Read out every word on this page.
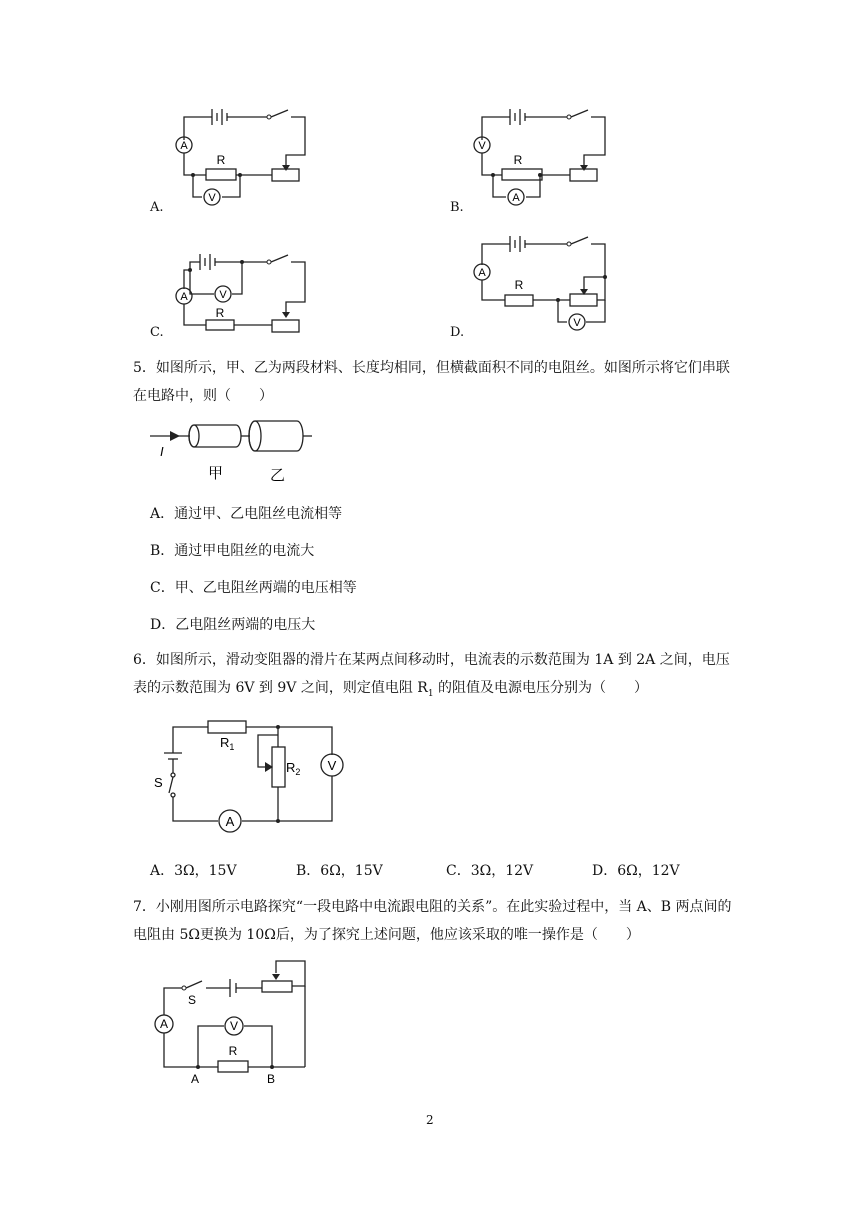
A
V
R
A.
V
A
R
B.
A	V
R
C.
A
V
R
D.
5．如图所示，甲、乙为两段材料、长度均相同，但横截面积不同的电阻丝。如图所示将它们串联在电路中，则（　　）
I
甲	乙
A．通过甲、乙电阻丝电流相等
B．通过甲电阻丝的电流大
C．甲、乙电阻丝两端的电压相等
D．乙电阻丝两端的电压大
6．如图所示，滑动变阻器的滑片在某两点间移动时，电流表的示数范围为 1A 到 2A 之间，电压表的示数范围为 6V 到 9V 之间，则定值电阻 $R_1$ 的阻值及电源电压分别为（　　）
$R_1$
$R_2$
S
V
A
A．3Ω，15V	B．6Ω，15V	C．3Ω，12V	D．6Ω，12V
7．小刚用图所示电路探究“一段电路中电流跟电阻的关系”。在此实验过程中，当 A、B 两点间的电阻由 5Ω更换为 10Ω后，为了探究上述问题，他应该采取的唯一操作是（　　）
S
A	V
R
A	B
2
